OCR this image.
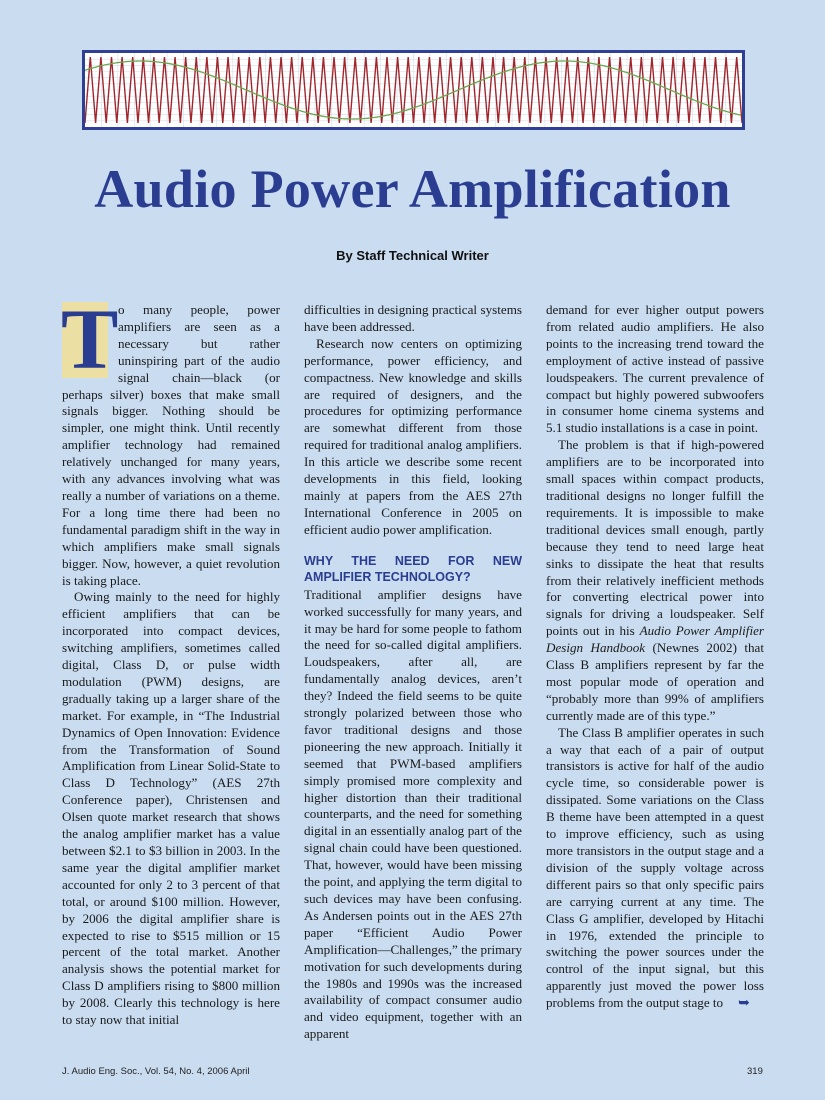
Audio Power Amplification
By Staff Technical Writer

T o many people, power amplifiers are seen as a necessary but rather uninspiring part of the audio signal chain—black (or perhaps silver) boxes that make small signals bigger. Nothing should be simpler, one might think. Until recently amplifier technology had remained relatively unchanged for many years, with any advances involving what was really a number of variations on a theme. For a long time there had been no fundamental paradigm shift in the way in which amplifiers make small signals bigger. Now, however, a quiet revolution is taking place.

Owing mainly to the need for highly efficient amplifiers that can be incorporated into compact devices, switching amplifiers, sometimes called digital, Class D, or pulse width modulation (PWM) designs, are gradually taking up a larger share of the market. For example, in “The Industrial Dynamics of Open Innovation: Evidence from the Transformation of Sound Amplification from Linear Solid-State to Class D Technology” (AES 27th Conference paper), Christensen and Olsen quote market research that shows the analog amplifier market has a value between $2.1 to $3 billion in 2003. In the same year the digital amplifier market accounted for only 2 to 3 percent of that total, or around $100 million. However, by 2006 the digital amplifier share is expected to rise to $515 million or 15 percent of the total market. Another analysis shows the potential market for Class D amplifiers rising to $800 million by 2008. Clearly this technology is here to stay now that initial

difficulties in designing practical systems have been addressed.

Research now centers on optimizing performance, power efficiency, and compactness. New knowledge and skills are required of designers, and the procedures for optimizing performance are somewhat different from those required for traditional analog amplifiers. In this article we describe some recent developments in this field, looking mainly at papers from the AES 27th International Conference in 2005 on efficient audio power amplification.

WHY THE NEED FOR NEW AMPLIFIER TECHNOLOGY?

Traditional amplifier designs have worked successfully for many years, and it may be hard for some people to fathom the need for so-called digital amplifiers. Loudspeakers, after all, are fundamentally analog devices, aren’t they? Indeed the field seems to be quite strongly polarized between those who favor traditional designs and those pioneering the new approach. Initially it seemed that PWM-based amplifiers simply promised more complexity and higher distortion than their traditional counterparts, and the need for something digital in an essentially analog part of the signal chain could have been questioned. That, however, would have been missing the point, and applying the term digital to such devices may have been confusing. As Andersen points out in the AES 27th paper “Efficient Audio Power Amplification—Challenges,” the primary motivation for such developments during the 1980s and 1990s was the increased availability of compact consumer audio and video equipment, together with an apparent

demand for ever higher output powers from related audio amplifiers. He also points to the increasing trend toward the employment of active instead of passive loudspeakers. The current prevalence of compact but highly powered subwoofers in consumer home cinema systems and 5.1 studio installations is a case in point.

The problem is that if high-powered amplifiers are to be incorporated into small spaces within compact products, traditional designs no longer fulfill the requirements. It is impossible to make traditional devices small enough, partly because they tend to need large heat sinks to dissipate the heat that results from their relatively inefficient methods for converting electrical power into signals for driving a loudspeaker. Self points out in his Audio Power Amplifier Design Handbook (Newnes 2002) that Class B amplifiers represent by far the most popular mode of operation and “probably more than 99% of amplifiers currently made are of this type.”

The Class B amplifier operates in such a way that each of a pair of output transistors is active for half of the audio cycle time, so considerable power is dissipated. Some variations on the Class B theme have been attempted in a quest to improve efficiency, such as using more transistors in the output stage and a division of the supply voltage across different pairs so that only specific pairs are carrying current at any time. The Class G amplifier, developed by Hitachi in 1976, extended the principle to switching the power sources under the control of the input signal, but this apparently just moved the power loss problems from the output stage to ➥

J. Audio Eng. Soc., Vol. 54, No. 4, 2006 April	319
